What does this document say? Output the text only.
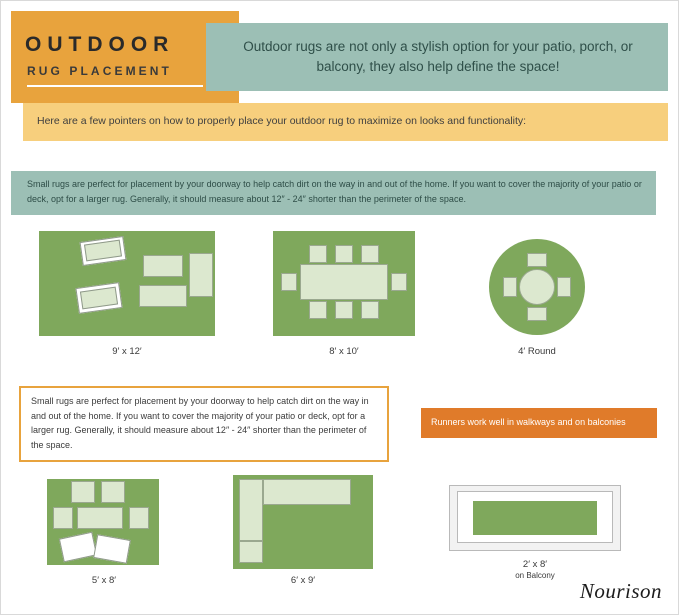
OUTDOOR
RUG PLACEMENT
Outdoor rugs are not only a stylish option for your patio, porch, or balcony, they also help define the space!
Here are a few pointers on how to properly place your outdoor rug to maximize on looks and functionality:
Small rugs are perfect for placement by your doorway to help catch dirt on the way in and out of the home. If you want to cover the majority of your patio or deck, opt for a larger rug. Generally, it should measure about 12″ - 24″ shorter than the perimeter of the space.
9′ x 12′	8′ x 10′	4′ Round
Small rugs are perfect for placement by your doorway to help catch dirt on the way in and out of the home. If you want to cover the majority of your patio or deck, opt for a larger rug. Generally, it should measure about 12″ - 24″ shorter than the perimeter of the space.
Runners work well in walkways and on balconies
5′ x 8′	6′ x 9′
2′ x 8′
on Balcony
Nourison
